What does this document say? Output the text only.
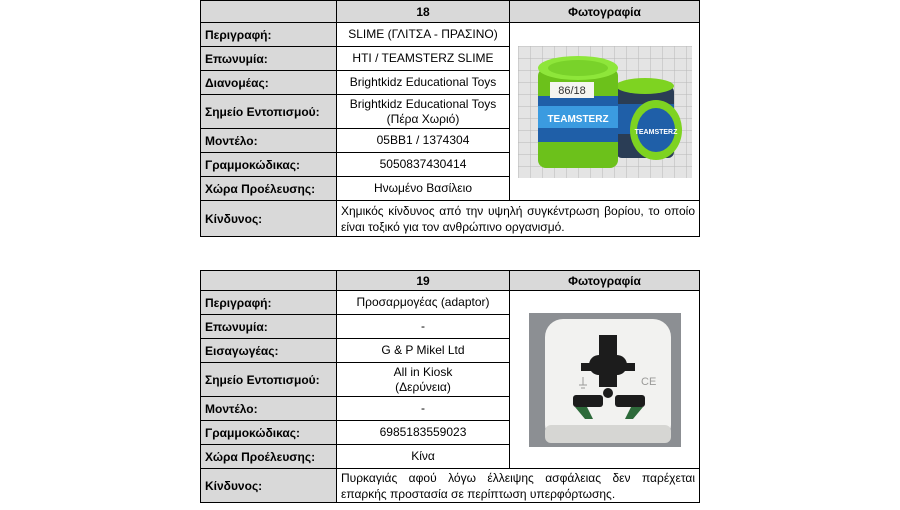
	18	Φωτογραφία
Περιγραφή:	SLIME (ΓΛΙΤΣΑ - ΠΡΑΣΙΝΟ)	86/18
TEAMSTERZ
TEAMSTERZ

Επωνυμία:	HTI / TEAMSTERZ SLIME	
Διανομέας:	Brightkidz Educational Toys	
Σημείο Εντοπισμού:	Brightkidz Educational Toys
(Πέρα Χωριό)	

Μοντέλο:	05BB1 / 1374304	
Γραμμοκώδικας:	5050837430414	
Χώρα Προέλευσης:	Ηνωμένο Βασίλειο	
Κίνδυνος:	Χημικός κίνδυνος από την υψηλή συγκέντρωση βορίου, το οποίο είναι τοξικό για τον ανθρώπινο οργανισμό.	
	19	Φωτογραφία
Περιγραφή:	Προσαρμογέας (adaptor)	CE

Επωνυμία:	-	
Εισαγωγέας:	G & P Mikel Ltd	
Σημείο Εντοπισμού:	All in Kiosk
(Δερύνεια)	

Μοντέλο:	-	
Γραμμοκώδικας:	6985183559023	
Χώρα Προέλευσης:	Κίνα	
Κίνδυνος:	Πυρκαγιάς αφού λόγω έλλειψης ασφάλειας δεν παρέχεται επαρκής προστασία σε περίπτωση υπερφόρτωσης.	
